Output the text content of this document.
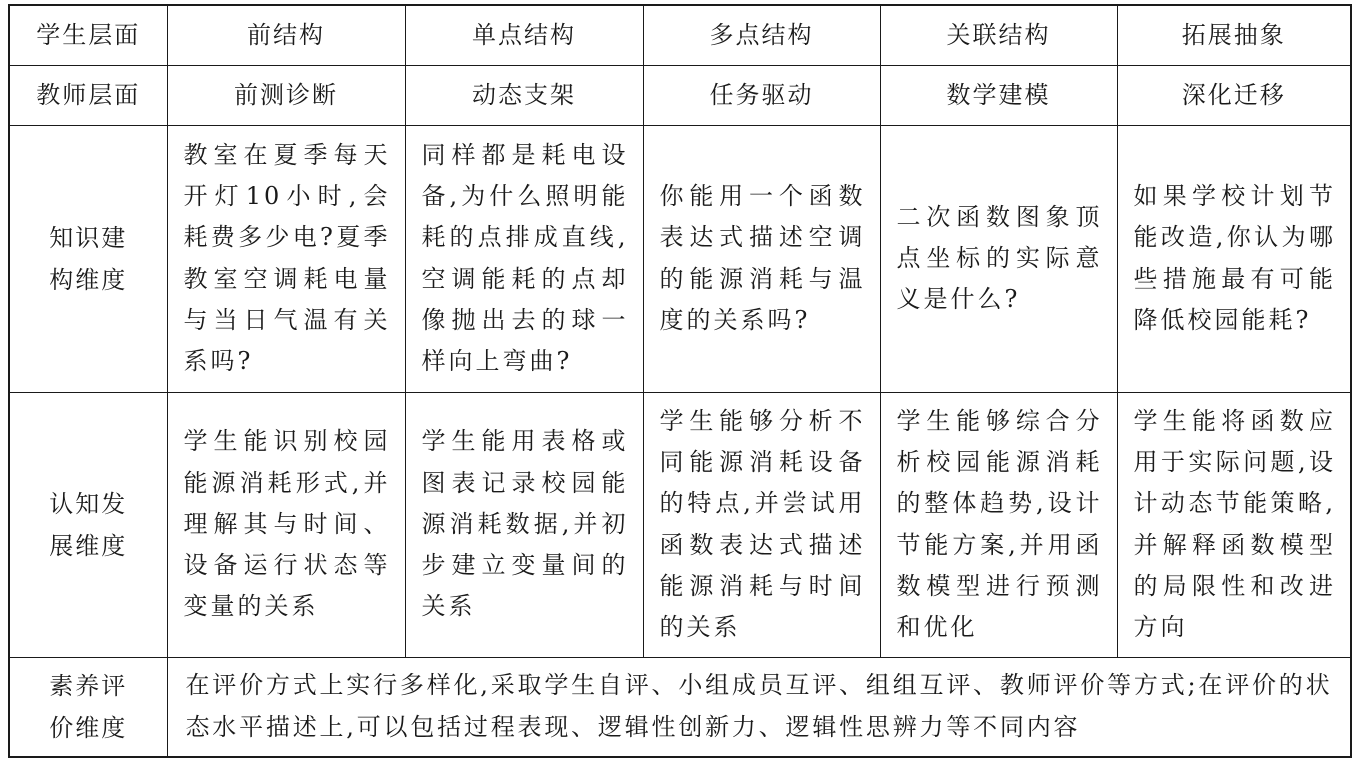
学生层面	前结构	单点结构	多点结构	关联结构	拓展抽象
教师层面	前测诊断	动态支架	任务驱动	数学建模	深化迁移
知识建构维度	教室在夏季每天开灯10小时,会耗费多少电?夏季教室空调耗电量与当日气温有关系吗?	同样都是耗电设备,为什么照明能耗的点排成直线,空调能耗的点却像抛出去的球一样向上弯曲?	你能用一个函数表达式描述空调的能源消耗与温度的关系吗?	二次函数图象顶点坐标的实际意义是什么?	如果学校计划节能改造,你认为哪些措施最有可能降低校园能耗?
认知发展维度	学生能识别校园能源消耗形式,并理解其与时间、设备运行状态等变量的关系	学生能用表格或图表记录校园能源消耗数据,并初步建立变量间的关系	学生能够分析不同能源消耗设备的特点,并尝试用函数表达式描述能源消耗与时间的关系	学生能够综合分析校园能源消耗的整体趋势,设计节能方案,并用函数模型进行预测和优化	学生能将函数应用于实际问题,设计动态节能策略,并解释函数模型的局限性和改进方向
素养评价维度	在评价方式上实行多样化,采取学生自评、小组成员互评、组组互评、教师评价等方式;在评价的状态水平描述上,可以包括过程表现、逻辑性创新力、逻辑性思辨力等不同内容				
